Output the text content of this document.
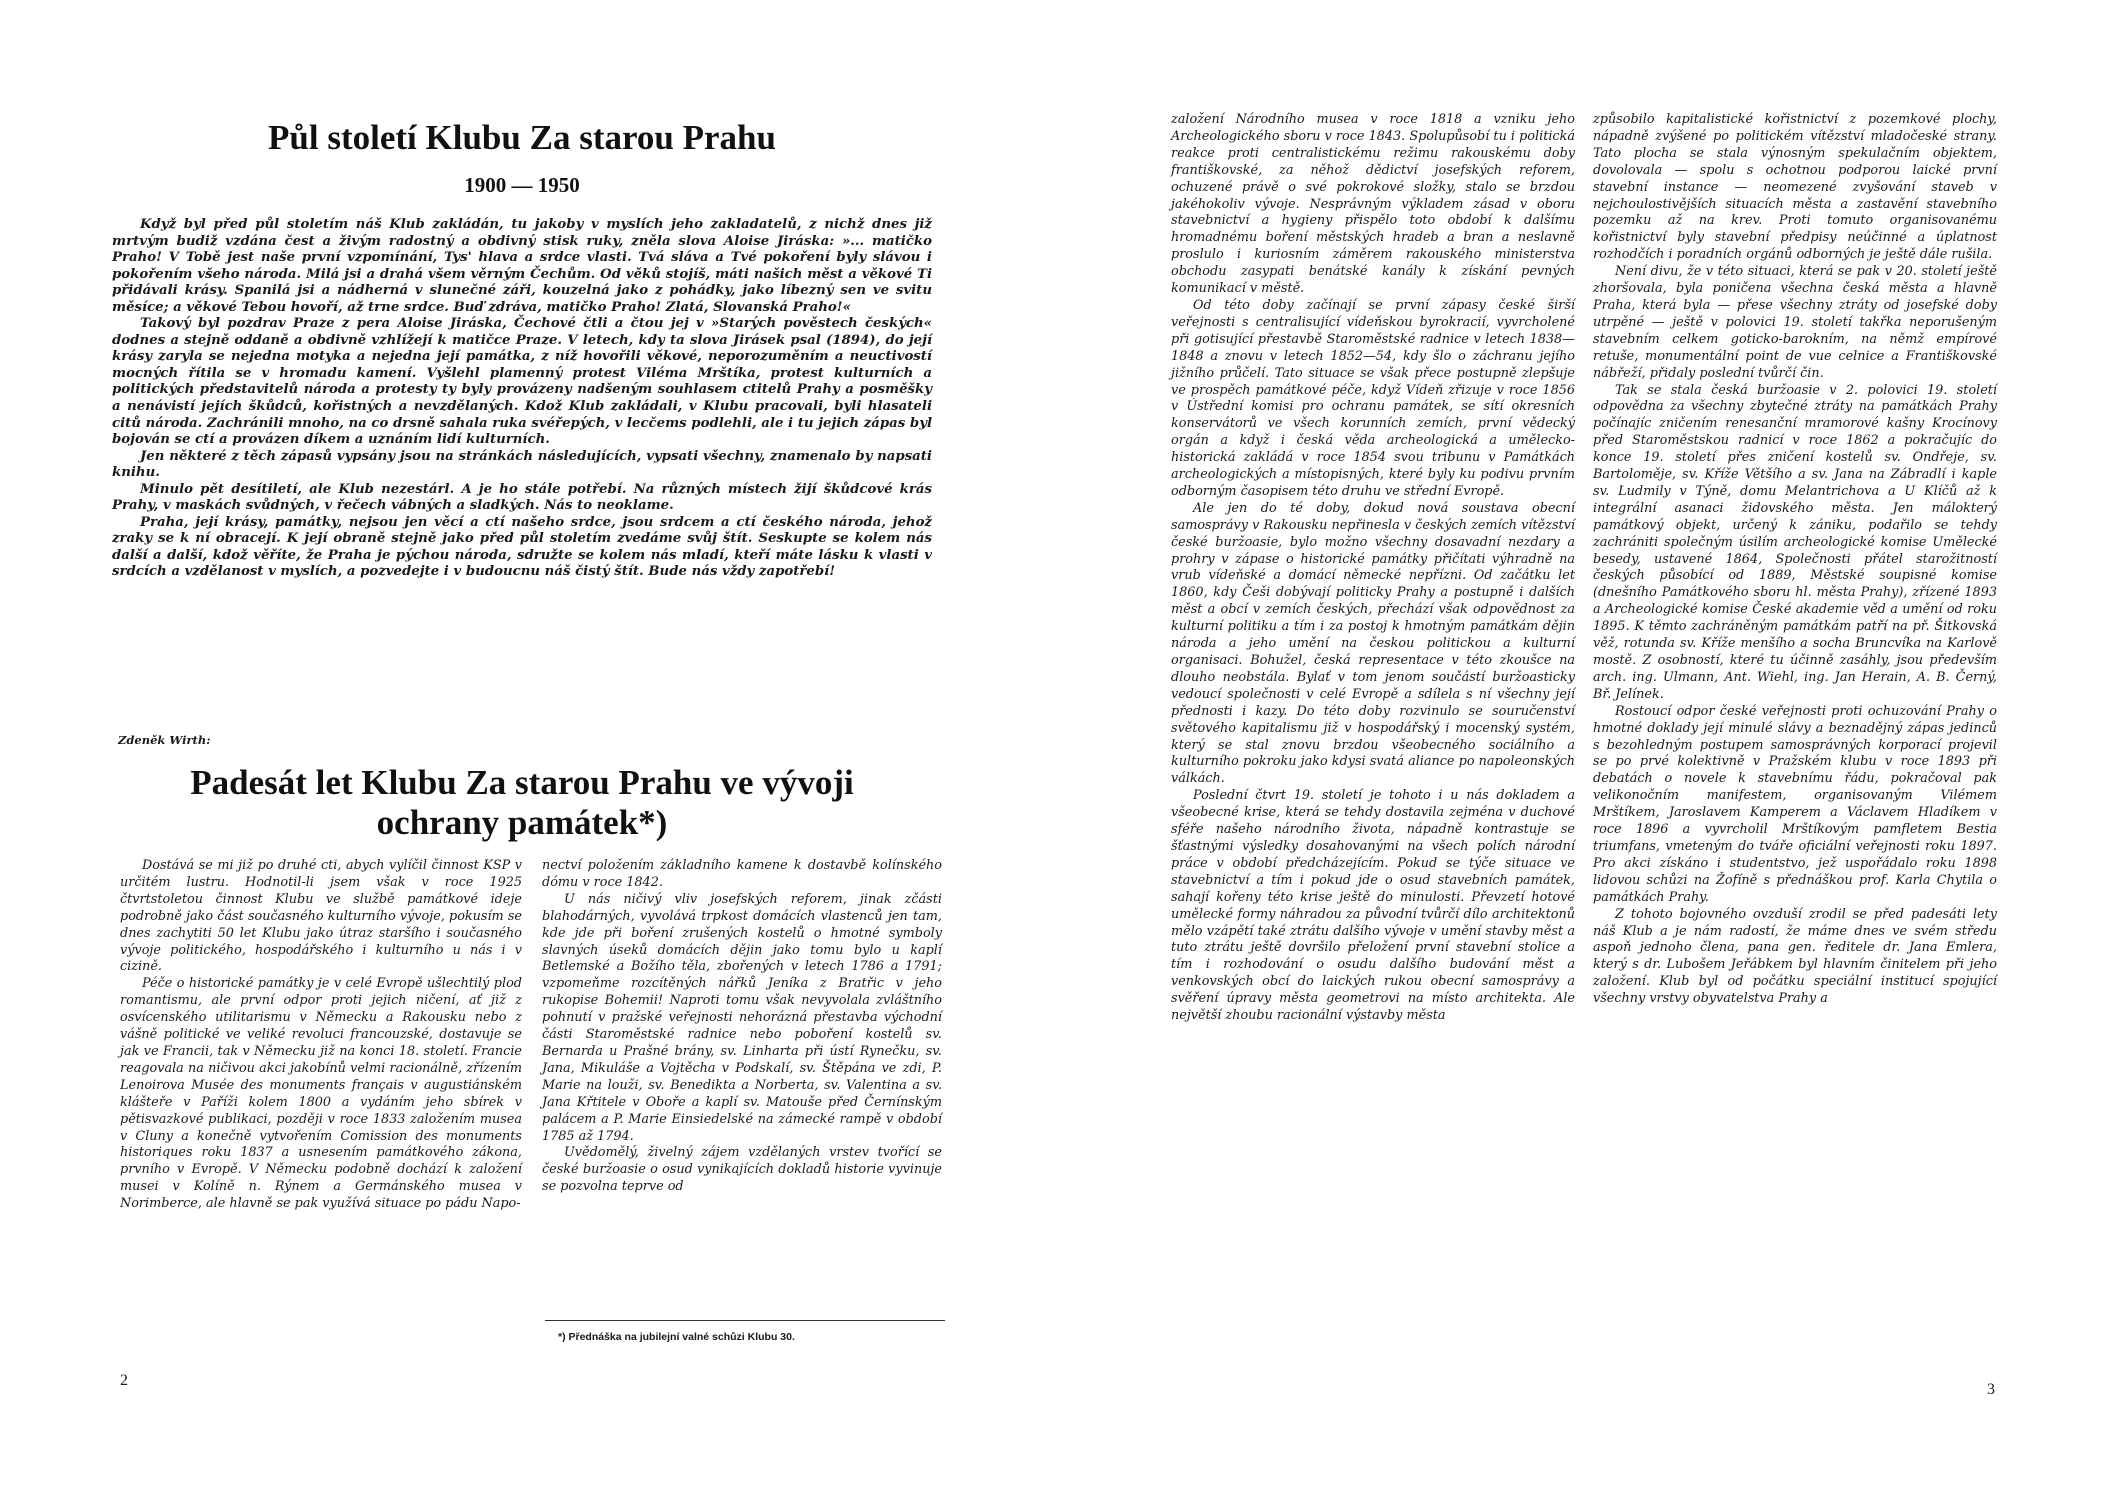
Půl století Klubu Za starou Prahu
1900 — 1950

Když byl před půl stoletím náš Klub zakládán, tu jakoby v myslích jeho zakladatelů, z nichž dnes již mrtvým budiž vzdána čest a živým radostný a obdivný stisk ruky, zněla slova Aloise Jiráska: »... matičko Praho! V Tobě jest naše první vzpomínání, Tys' hlava a srdce vlasti. Tvá sláva a Tvé pokoření byly slávou i pokořením všeho národa. Milá jsi a drahá všem věrným Čechům. Od věků stojíš, máti našich měst a věkové Ti přidávali krásy. Spanilá jsi a nádherná v slunečné záři, kouzelná jako z pohádky, jako líbezný sen ve svitu měsíce; a věkové Tebou hovoří, až trne srdce. Buď zdráva, matičko Praho! Zlatá, Slovanská Praho!«

Takový byl pozdrav Praze z pera Aloise Jiráska, Čechové čtli a čtou jej v »Starých pověstech českých« dodnes a stejně oddaně a obdivně vzhlížejí k matičce Praze. V letech, kdy ta slova Jirásek psal (1894), do její krásy zaryla se nejedna motyka a nejedna její památka, z níž hovořili věkové, neporozuměním a neuctivostí mocných řítila se v hromadu kamení. Vyšlehl plamenný protest Viléma Mrštíka, protest kulturních a politických představitelů národa a protesty ty byly provázeny nadšeným souhlasem ctitelů Prahy a posměšky a nenávistí jejích škůdců, kořistných a nevzdělaných. Kdož Klub zakládali, v Klubu pracovali, byli hlasateli citů národa. Zachránili mnoho, na co drsně sahala ruka svéřepých, v lecčems podlehli, ale i tu jejich zápas byl bojován se ctí a provázen díkem a uznáním lidí kulturních.

Jen některé z těch zápasů vypsány jsou na stránkách následujících, vypsati všechny, znamenalo by napsati knihu.

Minulo pět desítiletí, ale Klub nezestárl. A je ho stále potřebí. Na různých místech žijí škůdcové krás Prahy, v maskách svůdných, v řečech vábných a sladkých. Nás to neoklame.

Praha, její krásy, památky, nejsou jen věcí a ctí našeho srdce, jsou srdcem a ctí českého národa, jehož zraky se k ní obracejí. K její obraně stejně jako před půl stoletím zvedáme svůj štít. Seskupte se kolem nás další a další, kdož věříte, že Praha je pýchou národa, sdružte se kolem nás mladí, kteří máte lásku k vlasti v srdcích a vzdělanost v myslích, a pozvedejte i v budoucnu náš čistý štít. Bude nás vždy zapotřebí!

Zdeněk Wirth:
Padesát let Klubu Za starou Prahu ve vývoji
ochrany památek*)

Dostává se mi již po druhé cti, abych vylíčil činnost KSP v určitém lustru. Hodnotil-li jsem však v roce 1925 čtvrtstoletou činnost Klubu ve službě památkové ideje podrobně jako část současného kulturního vývoje, pokusím se dnes zachytiti 50 let Klubu jako útraz staršího i současného vývoje politického, hospodářského i kulturního u nás i v cizině.

Péče o historické památky je v celé Evropě ušlechtilý plod romantismu, ale první odpor proti jejich ničení, ať již z osvícenského utilitarismu v Německu a Rakousku nebo z vášně politické ve veliké revoluci francouzské, dostavuje se jak ve Francii, tak v Německu již na konci 18. století. Francie reagovala na ničivou akci jakobínů velmi racionálně, zřízením Lenoirova Musée des monuments français v augustiánském klášteře v Paříži kolem 1800 a vydáním jeho sbírek v pětisvazkové publikaci, později v roce 1833 založením musea v Cluny a konečně vytvořením Comission des monuments historiques roku 1837 a usnesením památkového zákona, prvního v Evropě. V Německu podobně dochází k založení musei v Kolíně n. Rýnem a Germánského musea v Norimberce, ale hlavně se pak využívá situace po pádu Napo-

nectví položením základního kamene k dostavbě kolínského dómu v roce 1842.

U nás ničivý vliv josefských reforem, jinak zčásti blahodárných, vyvolává trpkost domácích vlastenců jen tam, kde jde při boření zrušených kostelů o hmotné symboly slavných úseků domácích dějin jako tomu bylo u kaplí Betlemské a Božího těla, zbořených v letech 1786 a 1791; vzpomeňme rozcítěných nářků Jeníka z Bratřic v jeho rukopise Bohemii! Naproti tomu však nevyvolala zvláštního pohnutí v pražské veřejnosti nehorázná přestavba východní části Staroměstské radnice nebo poboření kostelů sv. Bernarda u Prašné brány, sv. Linharta při ústí Rynečku, sv. Jana, Mikuláše a Vojtěcha v Podskalí, sv. Štěpána ve zdi, P. Marie na louži, sv. Benedikta a Norberta, sv. Valentina a sv. Jana Křtitele v Oboře a kaplí sv. Matouše před Černínským palácem a P. Marie Einsiedelské na zámecké rampě v období 1785 až 1794.

Uvědomělý, živelný zájem vzdělaných vrstev tvořící se české buržoasie o osud vynikajících dokladů historie vyvinuje se pozvolna teprve od

*) Přednáška na jubilejní valné schůzi Klubu 30.
2

založení Národního musea v roce 1818 a vzniku jeho Archeologického sboru v roce 1843. Spolupůsobí tu i politická reakce proti centralistickému režimu rakouskému doby františkovské, za něhož dědictví josefských reforem, ochuzené právě o své pokrokové složky, stalo se brzdou jakéhokoliv vývoje. Nesprávným výkladem zásad v oboru stavebnictví a hygieny přispělo toto období k dalšímu hromadnému boření městských hradeb a bran a neslavně proslulo i kuriosním záměrem rakouského ministerstva obchodu zasypati benátské kanály k získání pevných komunikací v městě.

Od této doby začínají se první zápasy české širší veřejnosti s centralisující vídeňskou byrokracií, vyvrcholené při gotisující přestavbě Staroměstské radnice v letech 1838—1848 a znovu v letech 1852—54, kdy šlo o záchranu jejího jižního průčelí. Tato situace se však přece postupně zlepšuje ve prospěch památkové péče, když Vídeň zřizuje v roce 1856 v Ústřední komisi pro ochranu památek, se sítí okresních konservátorů ve všech korunních zemích, první vědecký orgán a když i česká věda archeologická a umělecko-historická zakládá v roce 1854 svou tribunu v Památkách archeologických a místopisných, které byly ku podivu prvním odborným časopisem této druhu ve střední Evropě.

Ale jen do té doby, dokud nová soustava obecní samosprávy v Rakousku nepřinesla v českých zemích vítězství české buržoasie, bylo možno všechny dosavadní nezdary a prohry v zápase o historické památky přičítati výhradně na vrub vídeňské a domácí německé nepřízni. Od začátku let 1860, kdy Češi dobývají politicky Prahy a postupně i dalších měst a obcí v zemích českých, přechází však odpovědnost za kulturní politiku a tím i za postoj k hmotným památkám dějin národa a jeho umění na českou politickou a kulturní organisaci. Bohužel, česká representace v této zkoušce na dlouho neobstála. Bylať v tom jenom součástí buržoasticky vedoucí společnosti v celé Evropě a sdílela s ní všechny její přednosti i kazy. Do této doby rozvinulo se souručenství světového kapitalismu již v hospodářský i mocenský systém, který se stal znovu brzdou všeobecného sociálního a kulturního pokroku jako kdysi svatá aliance po napoleonských válkách.

Poslední čtvrt 19. století je tohoto i u nás dokladem a všeobecné krise, která se tehdy dostavila zejména v duchové sféře našeho národního života, nápadně kontrastuje se šťastnými výsledky dosahovanými na všech polích národní práce v období předcházejícím. Pokud se týče situace ve stavebnictví a tím i pokud jde o osud stavebních památek, sahají kořeny této krise ještě do minulosti. Převzetí hotové umělecké formy náhradou za původní tvůrčí dílo architektonů mělo vzápětí také ztrátu dalšího vývoje v umění stavby měst a tuto ztrátu ještě dovršilo přeložení první stavební stolice a tím i rozhodování o osudu dalšího budování měst a venkovských obcí do laických rukou obecní samosprávy a svěření úpravy města geometrovi na místo architekta. Ale největší zhoubu racionální výstavby města

způsobilo kapitalistické kořistnictví z pozemkové plochy, nápadně zvýšené po politickém vítězství mladočeské strany. Tato plocha se stala výnosným spekulačním objektem, dovolovala — spolu s ochotnou podporou laické první stavební instance — neomezené zvyšování staveb v nejchoulostivějších situacích města a zastavění stavebního pozemku až na krev. Proti tomuto organisovanému kořistnictví byly stavební předpisy neúčinné a úplatnost rozhodčích i poradních orgánů odborných je ještě dále rušila.

Není divu, že v této situaci, která se pak v 20. století ještě zhoršovala, byla poničena všechna česká města a hlavně Praha, která byla — přese všechny ztráty od josefské doby utrpěné — ještě v polovici 19. století takřka neporušeným stavebním celkem goticko-barokním, na němž empírové retuše, monumentální point de vue celnice a Františkovské nábřeží, přidaly poslední tvůrčí čin.

Tak se stala česká buržoasie v 2. polovici 19. století odpovědna za všechny zbytečné ztráty na památkách Prahy počínajíc zničením renesanční mramorové kašny Krocínovy před Staroměstskou radnicí v roce 1862 a pokračujíc do konce 19. století přes zničení kostelů sv. Ondřeje, sv. Bartoloměje, sv. Kříže Většího a sv. Jana na Zábradlí i kaple sv. Ludmily v Týně, domu Melantrichova a U Klíčů až k integrální asanaci židovského města. Jen málokterý památkový objekt, určený k zániku, podařilo se tehdy zachrániti společným úsilím archeologické komise Umělecké besedy, ustavené 1864, Společnosti přátel starožitností českých působící od 1889, Městské soupisné komise (dnešního Památkového sboru hl. města Prahy), zřízené 1893 a Archeologické komise České akademie věd a umění od roku 1895. K těmto zachráněným památkám patří na př. Šitkovská věž, rotunda sv. Kříže menšího a socha Bruncvíka na Karlově mostě. Z osobností, které tu účinně zasáhly, jsou především arch. ing. Ulmann, Ant. Wiehl, ing. Jan Herain, A. B. Černý, Bř. Jelínek.

Rostoucí odpor české veřejnosti proti ochuzování Prahy o hmotné doklady její minulé slávy a beznadějný zápas jedinců s bezohledným postupem samosprávných korporací projevil se po prvé kolektivně v Pražském klubu v roce 1893 při debatách o novele k stavebnímu řádu, pokračoval pak velikonočním manifestem, organisovaným Vilémem Mrštíkem, Jaroslavem Kamperem a Václavem Hladíkem v roce 1896 a vyvrcholil Mrštíkovým pamfletem Bestia triumfans, vmeteným do tváře oficiální veřejnosti roku 1897. Pro akci získáno i studentstvo, jež uspořádalo roku 1898 lidovou schůzi na Žofíně s přednáškou prof. Karla Chytila o památkách Prahy.

Z tohoto bojovného ovzduší zrodil se před padesáti lety náš Klub a je nám radostí, že máme dnes ve svém středu aspoň jednoho člena, pana gen. ředitele dr. Jana Emlera, který s dr. Lubošem Jeřábkem byl hlavním činitelem při jeho založení. Klub byl od počátku speciální institucí spojující všechny vrstvy obyvatelstva Prahy a

3
